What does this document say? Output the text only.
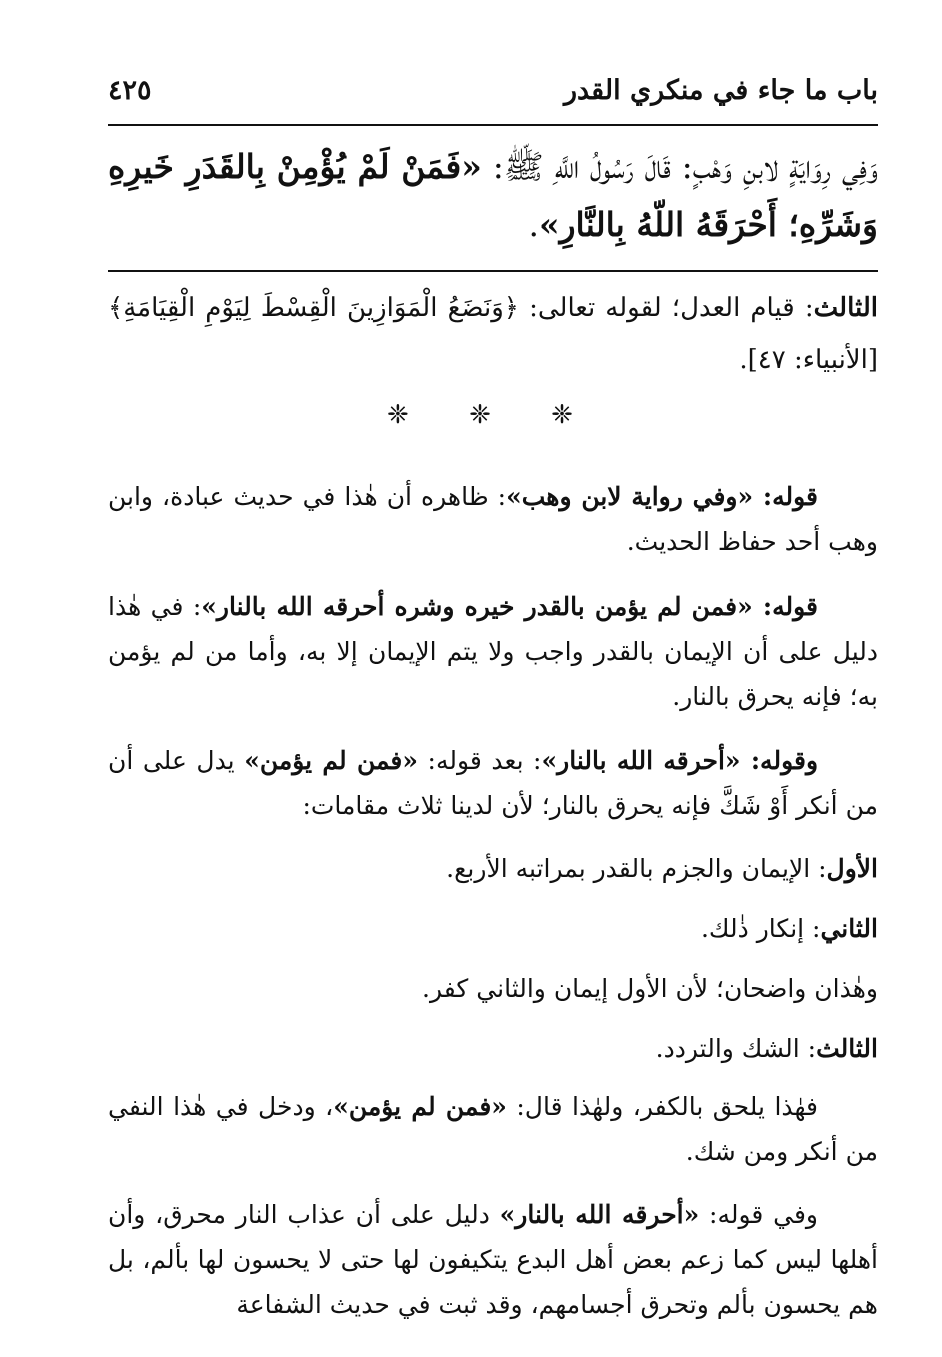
باب ما جاء في منكري القدر
٤٢٥
وَفِي رِوَايَةٍ لابنِ وَهْبٍ: قَالَ رَسُولُ اللَّهِ ﷺ: «فَمَنْ لَمْ يُؤْمِنْ بِالقَدَرِ خَيرِهِ وَشَرِّهِ؛ أَحْرَقَهُ اللّهُ بِالنَّارِ».
الثالث: قيام العدل؛ لقوله تعالى: ﴿وَنَضَعُ الْمَوَازِينَ الْقِسْطَ لِيَوْمِ الْقِيَامَةِ﴾ [الأنبياء: ٤٧].
❈ ❈ ❈

قوله: «وفي رواية لابن وهب»: ظاهره أن هٰذا في حديث عبادة، وابن وهب أحد حفاظ الحديث.

قوله: «فمن لم يؤمن بالقدر خيره وشره أحرقه الله بالنار»: في هٰذا دليل على أن الإيمان بالقدر واجب ولا يتم الإيمان إلا به، وأما من لم يؤمن به؛ فإنه يحرق بالنار.

وقوله: «أحرقه الله بالنار»: بعد قوله: «فمن لم يؤمن» يدل على أن من أنكر أَوْ شَكَّ فإنه يحرق بالنار؛ لأن لدينا ثلاث مقامات:

الأول: الإيمان والجزم بالقدر بمراتبه الأربع.

الثاني: إنكار ذٰلك.

وهٰذان واضحان؛ لأن الأول إيمان والثاني كفر.

الثالث: الشك والتردد.

فهٰذا يلحق بالكفر، ولهٰذا قال: «فمن لم يؤمن»، ودخل في هٰذا النفي من أنكر ومن شك.

وفي قوله: «أحرقه الله بالنار» دليل على أن عذاب النار محرق، وأن أهلها ليس كما زعم بعض أهل البدع يتكيفون لها حتى لا يحسون لها بألم، بل هم يحسون بألم وتحرق أجسامهم، وقد ثبت في حديث الشفاعة
